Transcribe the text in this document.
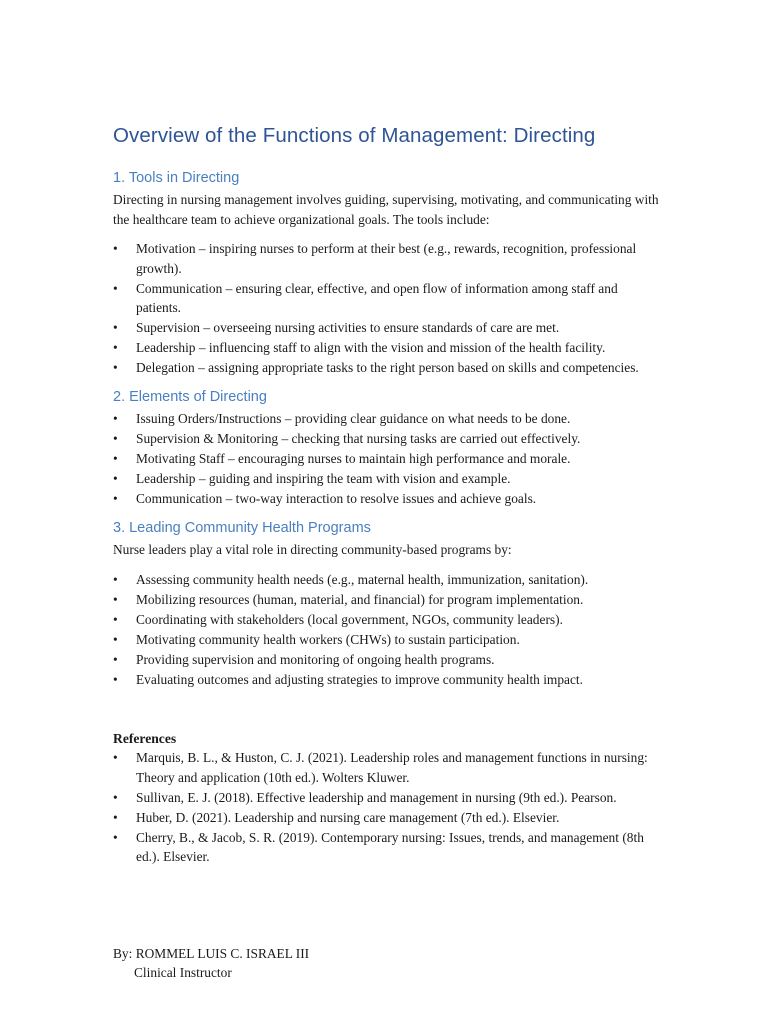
Overview of the Functions of Management: Directing
1. Tools in Directing

Directing in nursing management involves guiding, supervising, motivating, and communicating with the healthcare team to achieve organizational goals. The tools include:

• Motivation – inspiring nurses to perform at their best (e.g., rewards, recognition, professional growth).
• Communication – ensuring clear, effective, and open flow of information among staff and patients.
• Supervision – overseeing nursing activities to ensure standards of care are met.
• Leadership – influencing staff to align with the vision and mission of the health facility.
• Delegation – assigning appropriate tasks to the right person based on skills and competencies.
2. Elements of Directing
• Issuing Orders/Instructions – providing clear guidance on what needs to be done.
• Supervision & Monitoring – checking that nursing tasks are carried out effectively.
• Motivating Staff – encouraging nurses to maintain high performance and morale.
• Leadership – guiding and inspiring the team with vision and example.
• Communication – two-way interaction to resolve issues and achieve goals.
3. Leading Community Health Programs

Nurse leaders play a vital role in directing community-based programs by:

• Assessing community health needs (e.g., maternal health, immunization, sanitation).
• Mobilizing resources (human, material, and financial) for program implementation.
• Coordinating with stakeholders (local government, NGOs, community leaders).
• Motivating community health workers (CHWs) to sustain participation.
• Providing supervision and monitoring of ongoing health programs.
• Evaluating outcomes and adjusting strategies to improve community health impact.
References
• Marquis, B. L., & Huston, C. J. (2021). Leadership roles and management functions in nursing: Theory and application (10th ed.). Wolters Kluwer.
• Sullivan, E. J. (2018). Effective leadership and management in nursing (9th ed.). Pearson.
• Huber, D. (2021). Leadership and nursing care management (7th ed.). Elsevier.
• Cherry, B., & Jacob, S. R. (2019). Contemporary nursing: Issues, trends, and management (8th ed.). Elsevier.
By: ROMMEL LUIS C. ISRAEL III
Clinical Instructor
